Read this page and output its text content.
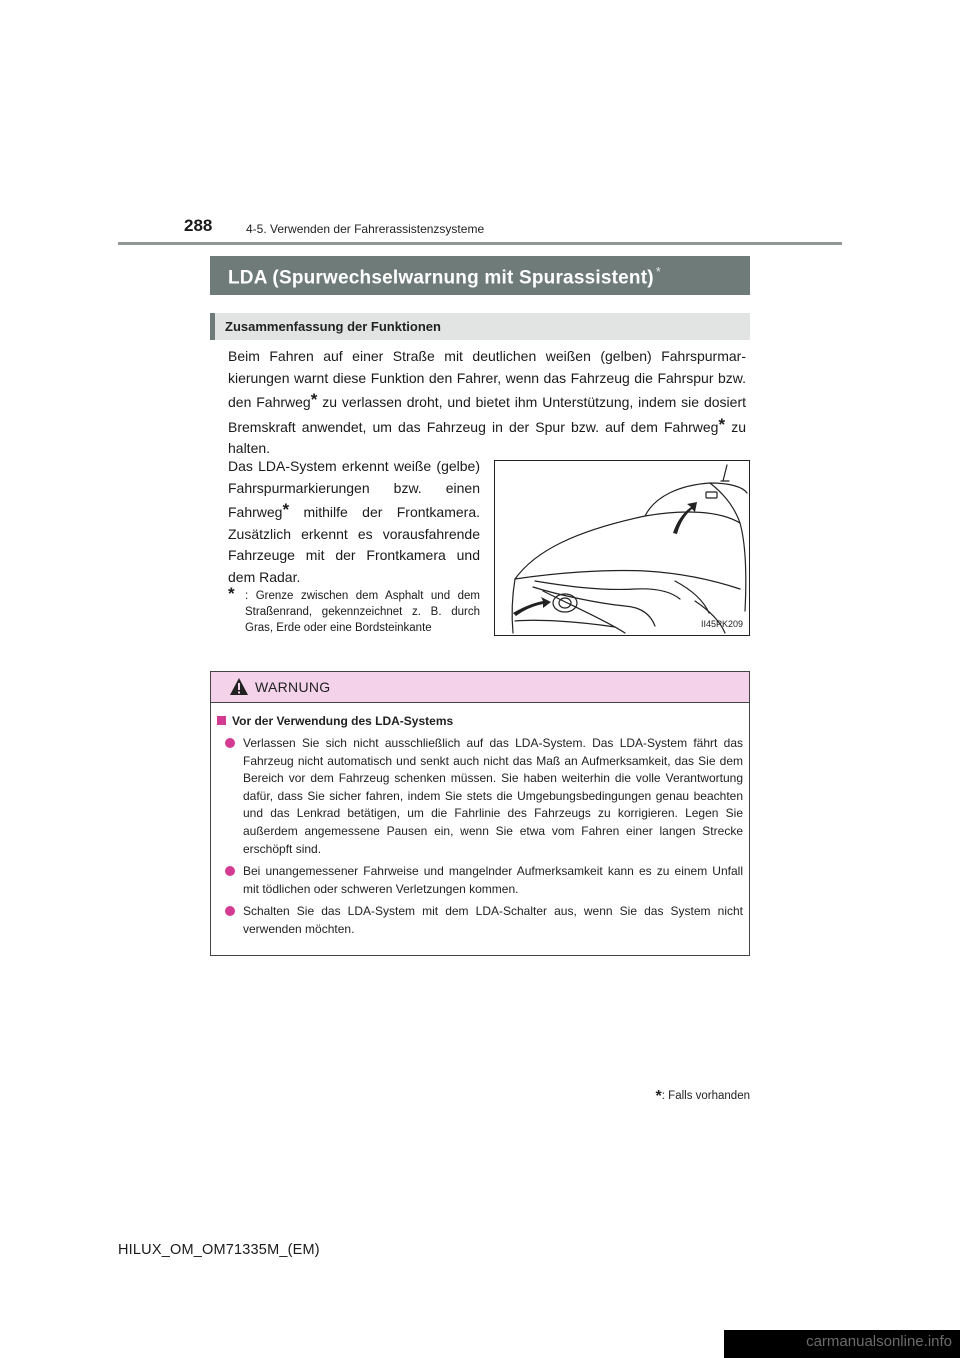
288	4-5. Verwenden der Fahrerassistenzsysteme
LDA (Spurwechselwarnung mit Spurassistent) *
Zusammenfassung der Funktionen
Beim Fahren auf einer Straße mit deutlichen weißen (gelben) Fahrspurmarkierungen warnt diese Funktion den Fahrer, wenn das Fahrzeug die Fahrspur bzw. den Fahrweg* zu verlassen droht, und bietet ihm Unterstützung, indem sie dosiert Bremskraft anwendet, um das Fahrzeug in der Spur bzw. auf dem Fahrweg* zu halten.
Das LDA-System erkennt weiße (gelbe) Fahrspurmarkierungen bzw. einen Fahrweg* mithilfe der Frontkamera. Zusätzlich erkennt es vorausfahrende Fahrzeuge mit der Frontkamera und dem Radar.
* : Grenze zwischen dem Asphalt und dem Straßenrand, gekennzeichnet z. B. durch Gras, Erde oder eine Bordsteinkante	II45PK209
WARNUNG
Vor der Verwendung des LDA-Systems
Verlassen Sie sich nicht ausschließlich auf das LDA-System. Das LDA-System fährt das Fahrzeug nicht automatisch und senkt auch nicht das Maß an Aufmerksamkeit, das Sie dem Bereich vor dem Fahrzeug schenken müssen. Sie haben weiterhin die volle Verantwortung dafür, dass Sie sicher fahren, indem Sie stets die Umgebungsbedingungen genau beachten und das Lenkrad betätigen, um die Fahrlinie des Fahrzeugs zu korrigieren. Legen Sie außerdem angemessene Pausen ein, wenn Sie etwa vom Fahren einer langen Strecke erschöpft sind.
Bei unangemessener Fahrweise und mangelnder Aufmerksamkeit kann es zu einem Unfall mit tödlichen oder schweren Verletzungen kommen.
Schalten Sie das LDA-System mit dem LDA-Schalter aus, wenn Sie das System nicht verwenden möchten.
*: Falls vorhanden
HILUX_OM_OM71335M_(EM)
carmanualsonline.info
